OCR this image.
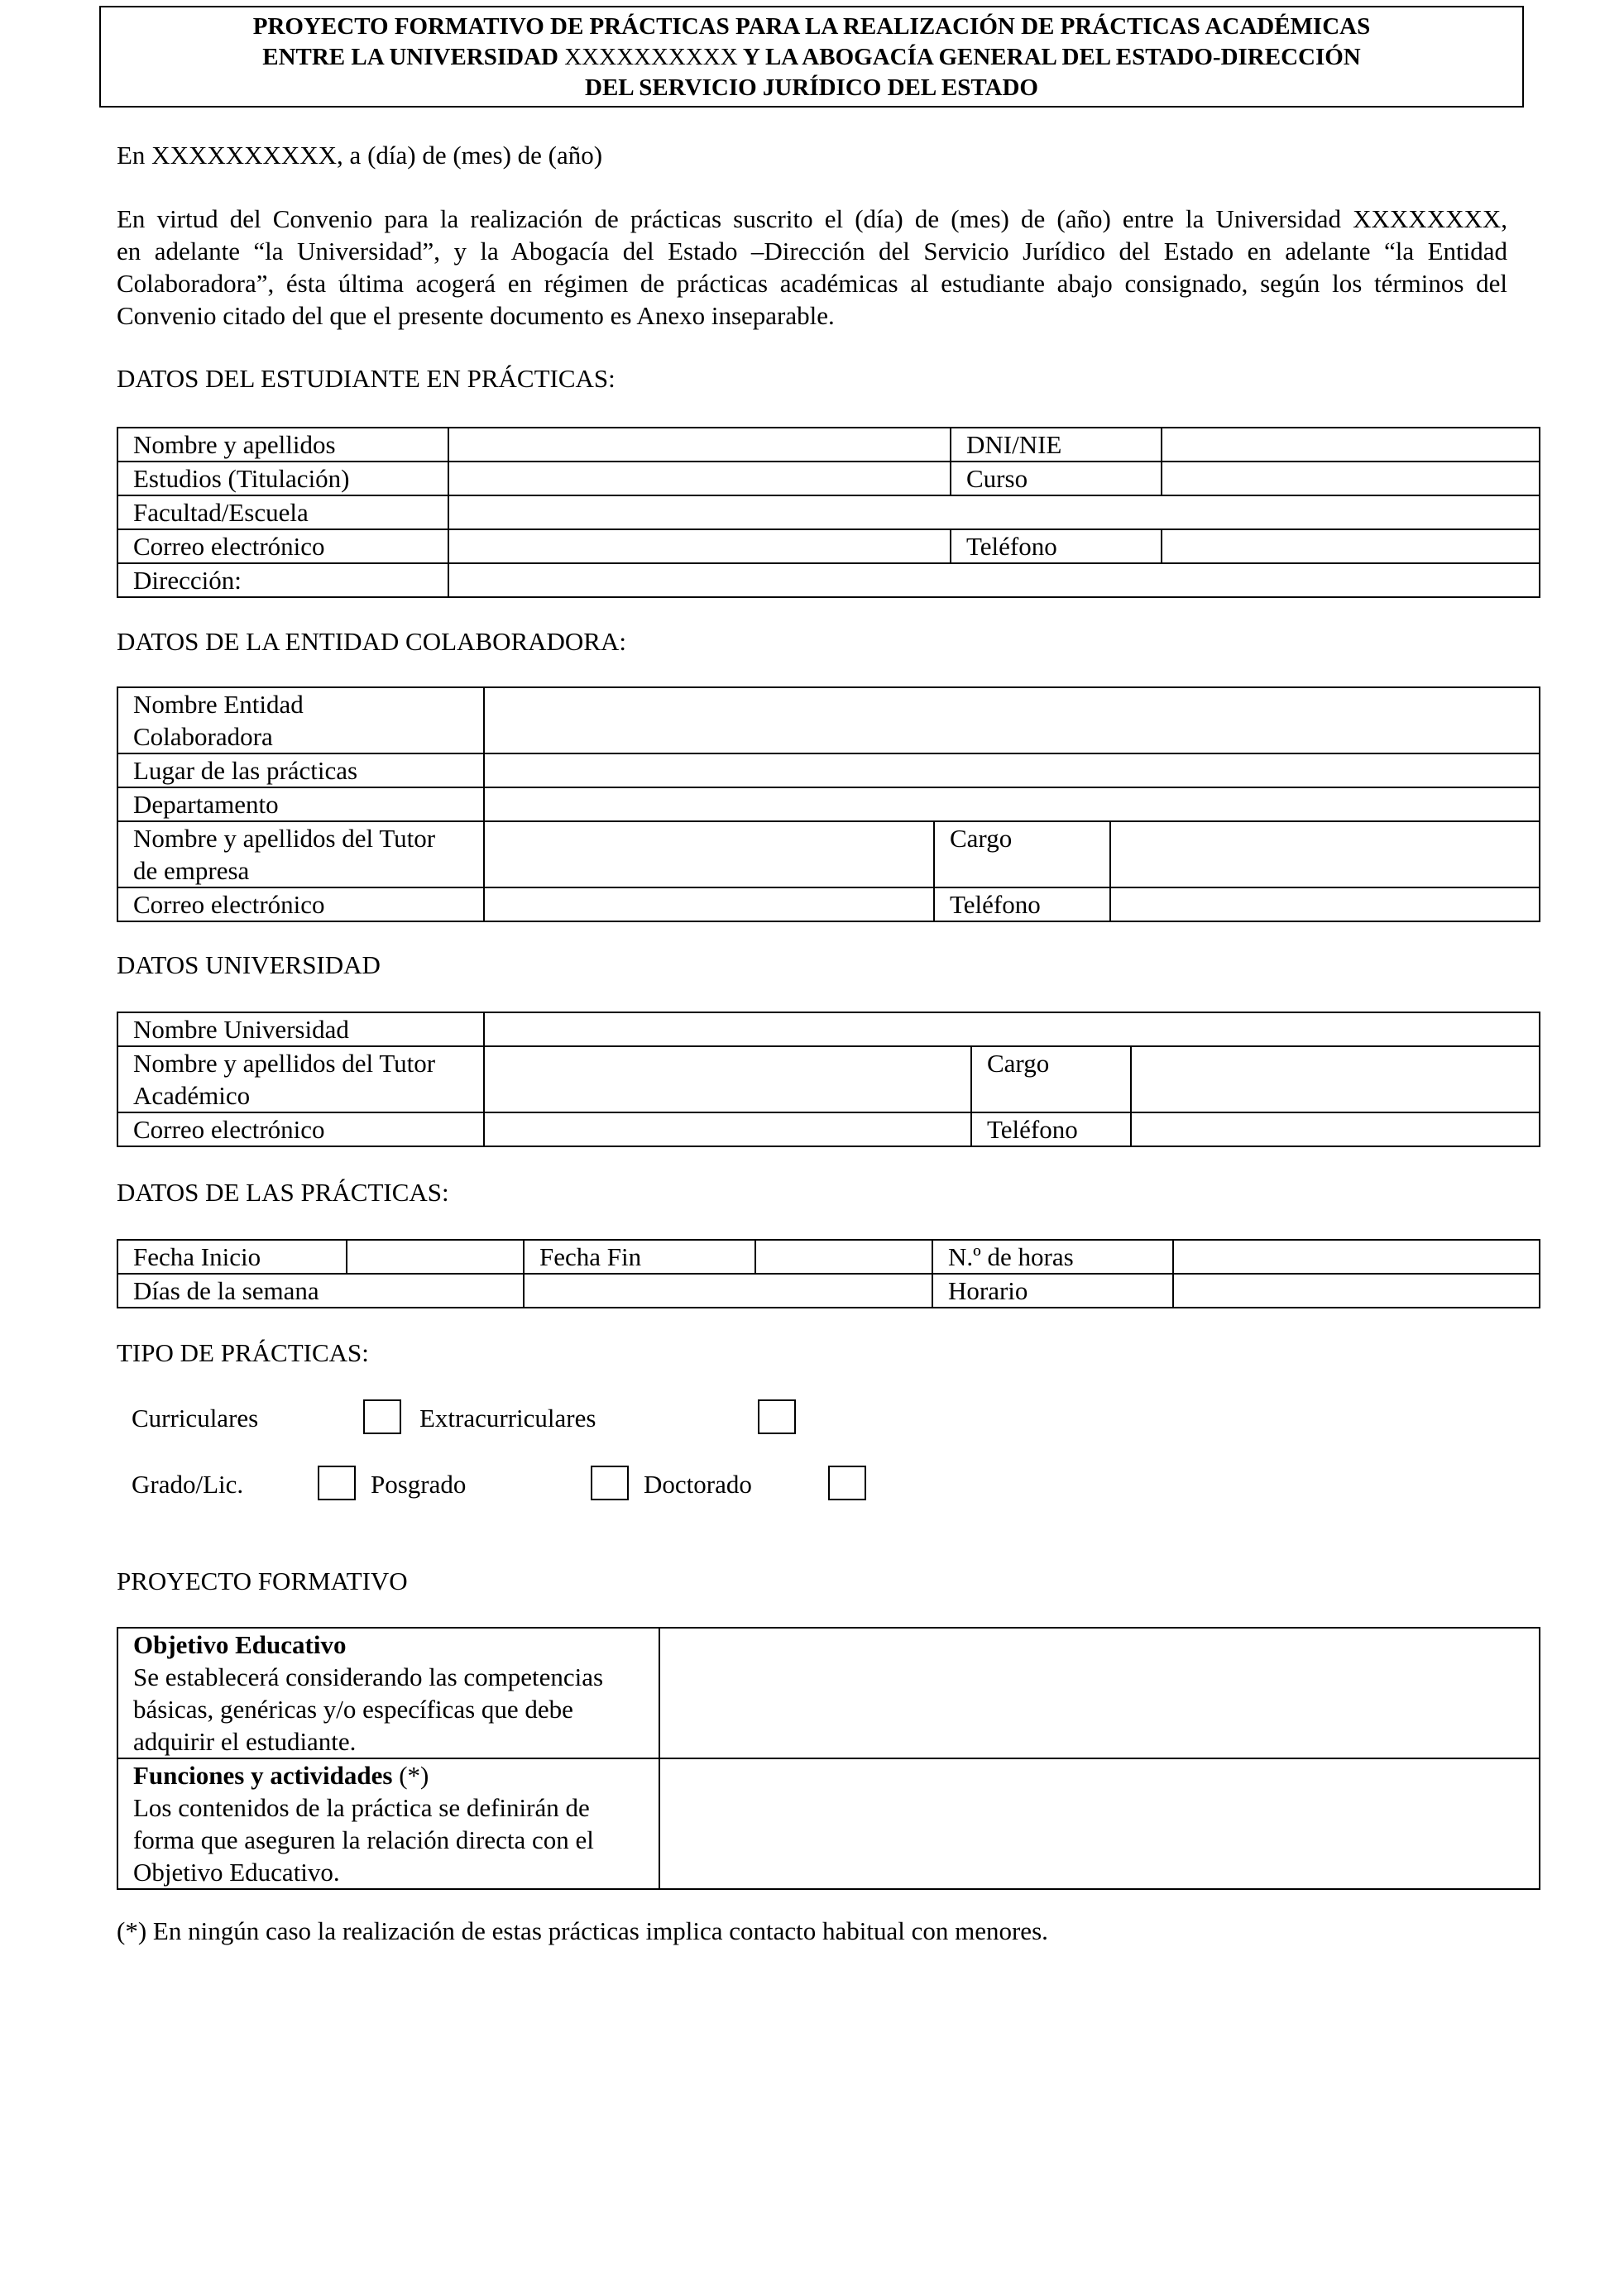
PROYECTO FORMATIVO DE PRÁCTICAS PARA LA REALIZACIÓN DE PRÁCTICAS ACADÉMICAS
ENTRE LA UNIVERSIDAD XXXXXXXXXX Y LA ABOGACÍA GENERAL DEL ESTADO-DIRECCIÓN
DEL SERVICIO JURÍDICO DEL ESTADO
En XXXXXXXXXX, a (día) de (mes) de (año)
En virtud del Convenio para la realización de prácticas suscrito el (día) de (mes) de (año) entre la Universidad XXXXXXXX,
en adelante “la Universidad”, y la Abogacía del Estado –Dirección del Servicio Jurídico del Estado en adelante “la Entidad
Colaboradora”, ésta última acogerá en régimen de prácticas académicas al estudiante abajo consignado, según los términos del
Convenio citado del que el presente documento es Anexo inseparable.
DATOS DEL ESTUDIANTE EN PRÁCTICAS:
Nombre y apellidos		DNI/NIE	
Estudios (Titulación)		Curso	
Facultad/Escuela			
Correo electrónico		Teléfono	
Dirección:			
DATOS DE LA ENTIDAD COLABORADORA:
Nombre Entidad
Colaboradora			
Lugar de las prácticas			
Departamento			
Nombre y apellidos del Tutor
de empresa		Cargo	
Correo electrónico		Teléfono	
DATOS UNIVERSIDAD
Nombre Universidad			
Nombre y apellidos del Tutor
Académico		Cargo	
Correo electrónico		Teléfono	
DATOS DE LAS PRÁCTICAS:
Fecha Inicio		Fecha Fin		N.º de horas	
Días de la semana				Horario	
TIPO DE PRÁCTICAS:
Curriculares	Extracurriculares
Grado/Lic.	Posgrado	Doctorado
PROYECTO FORMATIVO
Objetivo Educativo
Se establecerá considerando las competencias
básicas, genéricas y/o específicas que debe
adquirir el estudiante.	

Funciones y actividades (*)
Los contenidos de la práctica se definirán de
forma que aseguren la relación directa con el
Objetivo Educativo.	

(*) En ningún caso la realización de estas prácticas implica contacto habitual con menores.
